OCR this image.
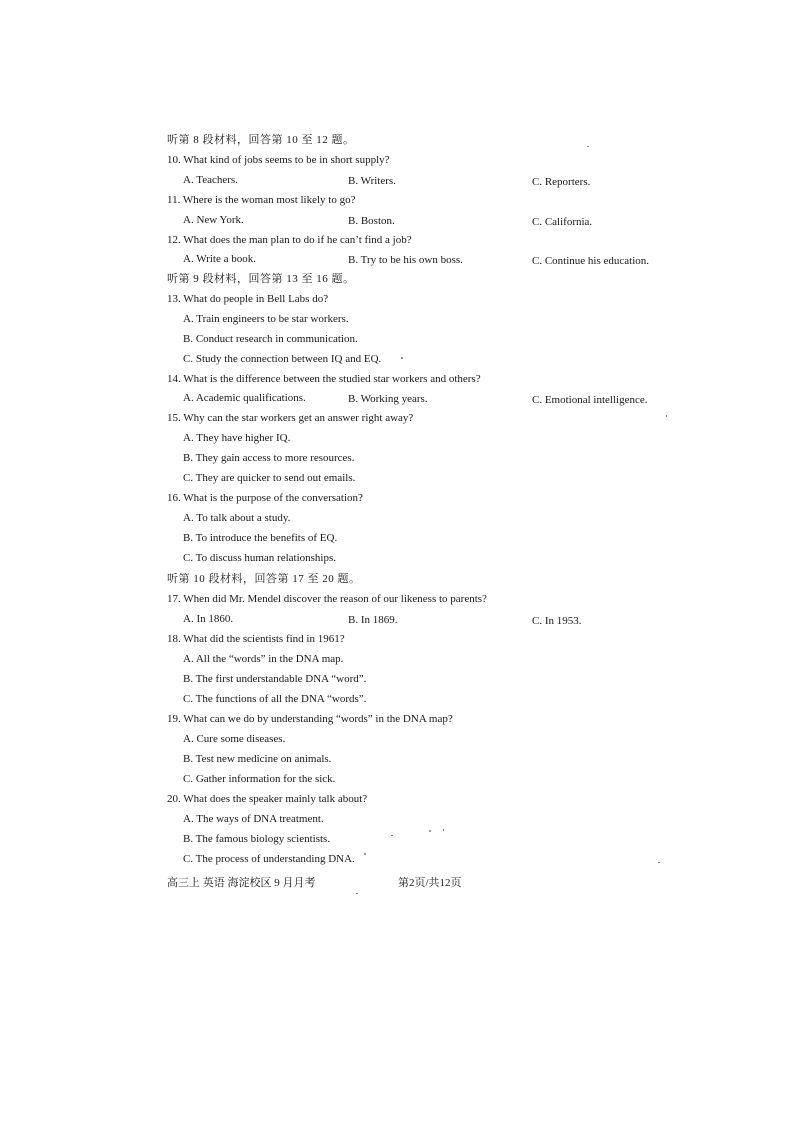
听第 8 段材料，回答第 10 至 12 题。
10. What kind of jobs seems to be in short supply?
A. Teachers.	B. Writers.	C. Reporters.
11. Where is the woman most likely to go?
A. New York.	B. Boston.	C. California.
12. What does the man plan to do if he can’t find a job?
A. Write a book.	B. Try to be his own boss.	C. Continue his education.
听第 9 段材料，回答第 13 至 16 题。
13. What do people in Bell Labs do?
A. Train engineers to be star workers.
B. Conduct research in communication.
C. Study the connection between IQ and EQ.
14. What is the difference between the studied star workers and others?
A. Academic qualifications.	B. Working years.	C. Emotional intelligence.
15. Why can the star workers get an answer right away?
A. They have higher IQ.
B. They gain access to more resources.
C. They are quicker to send out emails.
16. What is the purpose of the conversation?
A. To talk about a study.
B. To introduce the benefits of EQ.
C. To discuss human relationships.
听第 10 段材料，回答第 17 至 20 题。
17. When did Mr. Mendel discover the reason of our likeness to parents?
A. In 1860.	B. In 1869.	C. In 1953.
18. What did the scientists find in 1961?
A. All the “words” in the DNA map.
B. The first understandable DNA “word”.
C. The functions of all the DNA “words”.
19. What can we do by understanding “words” in the DNA map?
A. Cure some diseases.
B. Test new medicine on animals.
C. Gather information for the sick.
20. What does the speaker mainly talk about?
A. The ways of DNA treatment.
B. The famous biology scientists.
C. The process of understanding DNA.
高三上 英语 海淀校区 9 月月考	第2页/共12页
